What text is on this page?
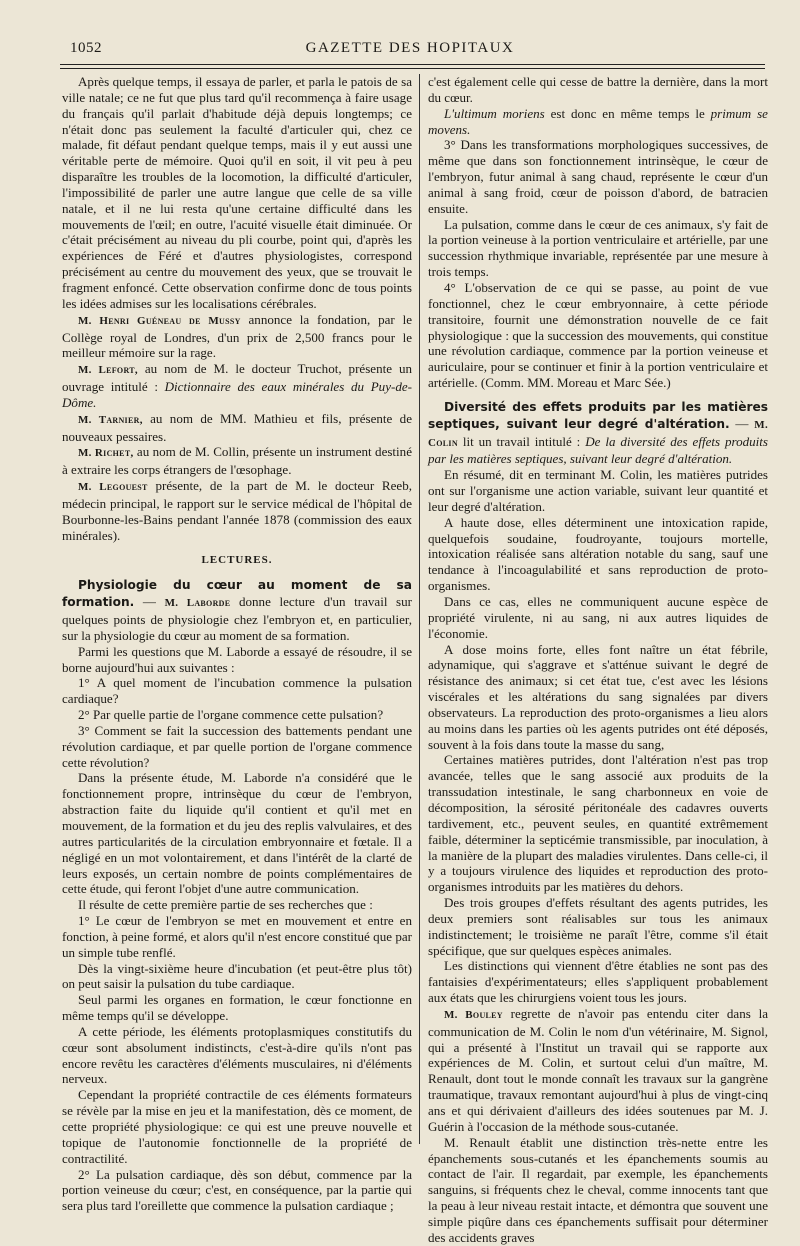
1052	GAZETTE DES HOPITAUX

Après quelque temps, il essaya de parler, et parla le patois de sa ville natale; ce ne fut que plus tard qu'il recommença à faire usage du français qu'il parlait d'habitude déjà depuis longtemps; ce n'était donc pas seulement la faculté d'articuler qui, chez ce malade, fit défaut pendant quelque temps, mais il y eut aussi une véritable perte de mémoire. Quoi qu'il en soit, il vit peu à peu disparaître les troubles de la locomotion, la difficulté d'articuler, l'impossibilité de parler une autre langue que celle de sa ville natale, et il ne lui resta qu'une certaine difficulté dans les mouvements de l'œil; en outre, l'acuité visuelle était diminuée. Or c'était précisément au niveau du pli courbe, point qui, d'après les expériences de Féré et d'autres physiologistes, correspond précisément au centre du mouvement des yeux, que se trouvait le fragment enfoncé. Cette observation confirme donc de tous points les idées admises sur les localisations cérébrales.

M. Henri Guéneau de Mussy annonce la fondation, par le Collège royal de Londres, d'un prix de 2,500 francs pour le meilleur mémoire sur la rage.

M. Lefort, au nom de M. le docteur Truchot, présente un ouvrage intitulé : Dictionnaire des eaux minérales du Puy-de-Dôme.

M. Tarnier, au nom de MM. Mathieu et fils, présente de nouveaux pessaires.

M. Richet, au nom de M. Collin, présente un instrument destiné à extraire les corps étrangers de l'œsophage.

M. Legouest présente, de la part de M. le docteur Reeb, médecin principal, le rapport sur le service médical de l'hôpital de Bourbonne-les-Bains pendant l'année 1878 (commission des eaux minérales).

LECTURES.

Physiologie du cœur au moment de sa formation. — M. Laborde donne lecture d'un travail sur quelques points de physiologie chez l'embryon et, en particulier, sur la physiologie du cœur au moment de sa formation.

Parmi les questions que M. Laborde a essayé de résoudre, il se borne aujourd'hui aux suivantes :

1° A quel moment de l'incubation commence la pulsation cardiaque?

2° Par quelle partie de l'organe commence cette pulsation?

3° Comment se fait la succession des battements pendant une révolution cardiaque, et par quelle portion de l'organe commence cette révolution?

Dans la présente étude, M. Laborde n'a considéré que le fonctionnement propre, intrinsèque du cœur de l'embryon, abstraction faite du liquide qu'il contient et qu'il met en mouvement, de la formation et du jeu des replis valvulaires, et des autres particularités de la circulation embryonnaire et fœtale. Il a négligé en un mot volontairement, et dans l'intérêt de la clarté de leurs exposés, un certain nombre de points complémentaires de cette étude, qui feront l'objet d'une autre communication.

Il résulte de cette première partie de ses recherches que :

1° Le cœur de l'embryon se met en mouvement et entre en fonction, à peine formé, et alors qu'il n'est encore constitué que par un simple tube renflé.

Dès la vingt-sixième heure d'incubation (et peut-être plus tôt) on peut saisir la pulsation du tube cardiaque.

Seul parmi les organes en formation, le cœur fonctionne en même temps qu'il se développe.

A cette période, les éléments protoplasmiques constitutifs du cœur sont absolument indistincts, c'est-à-dire qu'ils n'ont pas encore revêtu les caractères d'éléments musculaires, ni d'éléments nerveux.

Cependant la propriété contractile de ces éléments formateurs se révèle par la mise en jeu et la manifestation, dès ce moment, de cette propriété physiologique: ce qui est une preuve nouvelle et topique de l'autonomie fonctionnelle de la propriété de contractilité.

2° La pulsation cardiaque, dès son début, commence par la portion veineuse du cœur; c'est, en conséquence, par la partie qui sera plus tard l'oreillette que commence la pulsation cardiaque ;

c'est également celle qui cesse de battre la dernière, dans la mort du cœur.

L'ultimum moriens est donc en même temps le primum se movens.

3° Dans les transformations morphologiques successives, de même que dans son fonctionnement intrinsèque, le cœur de l'embryon, futur animal à sang chaud, représente le cœur d'un animal à sang froid, cœur de poisson d'abord, de batracien ensuite.

La pulsation, comme dans le cœur de ces animaux, s'y fait de la portion veineuse à la portion ventriculaire et artérielle, par une succession rhythmique invariable, représentée par une mesure à trois temps.

4° L'observation de ce qui se passe, au point de vue fonctionnel, chez le cœur embryonnaire, à cette période transitoire, fournit une démonstration nouvelle de ce fait physiologique : que la succession des mouvements, qui constitue une révolution cardiaque, commence par la portion veineuse et auriculaire, pour se continuer et finir à la portion ventriculaire et artérielle. (Comm. MM. Moreau et Marc Sée.)

Diversité des effets produits par les matières septiques, suivant leur degré d'altération. — M. Colin lit un travail intitulé : De la diversité des effets produits par les matières septiques, suivant leur degré d'altération.

En résumé, dit en terminant M. Colin, les matières putrides ont sur l'organisme une action variable, suivant leur quantité et leur degré d'altération.

A haute dose, elles déterminent une intoxication rapide, quelquefois soudaine, foudroyante, toujours mortelle, intoxication réalisée sans altération notable du sang, sauf une tendance à l'incoagulabilité et sans reproduction de proto-organismes.

Dans ce cas, elles ne communiquent aucune espèce de propriété virulente, ni au sang, ni aux autres liquides de l'économie.

A dose moins forte, elles font naître un état fébrile, adynamique, qui s'aggrave et s'atténue suivant le degré de résistance des animaux; si cet état tue, c'est avec les lésions viscérales et les altérations du sang signalées par divers observateurs. La reproduction des proto-organismes a lieu alors au moins dans les parties où les agents putrides ont été déposés, souvent à la fois dans toute la masse du sang,

Certaines matières putrides, dont l'altération n'est pas trop avancée, telles que le sang associé aux produits de la transsudation intestinale, le sang charbonneux en voie de décomposition, la sérosité péritonéale des cadavres ouverts tardivement, etc., peuvent seules, en quantité extrêmement faible, déterminer la septicémie transmissible, par inoculation, à la manière de la plupart des maladies virulentes. Dans celle-ci, il y a toujours virulence des liquides et reproduction des proto-organismes introduits par les matières du dehors.

Des trois groupes d'effets résultant des agents putrides, les deux premiers sont réalisables sur tous les animaux indistinctement; le troisième ne paraît l'être, comme s'il était spécifique, que sur quelques espèces animales.

Les distinctions qui viennent d'être établies ne sont pas des fantaisies d'expérimentateurs; elles s'appliquent probablement aux états que les chirurgiens voient tous les jours.

M. Bouley regrette de n'avoir pas entendu citer dans la communication de M. Colin le nom d'un vétérinaire, M. Signol, qui a présenté à l'Institut un travail qui se rapporte aux expériences de M. Colin, et surtout celui d'un maître, M. Renault, dont tout le monde connaît les travaux sur la gangrène traumatique, travaux remontant aujourd'hui à plus de vingt-cinq ans et qui dérivaient d'ailleurs des idées soutenues par M. J. Guérin à l'occasion de la méthode sous-cutanée.

M. Renault établit une distinction très-nette entre les épanchements sous-cutanés et les épanchements soumis au contact de l'air. Il regardait, par exemple, les épanchements sanguins, si fréquents chez le cheval, comme innocents tant que la peau à leur niveau restait intacte, et démontra que souvent une simple piqûre dans ces épanchements suffisait pour déterminer des accidents graves
